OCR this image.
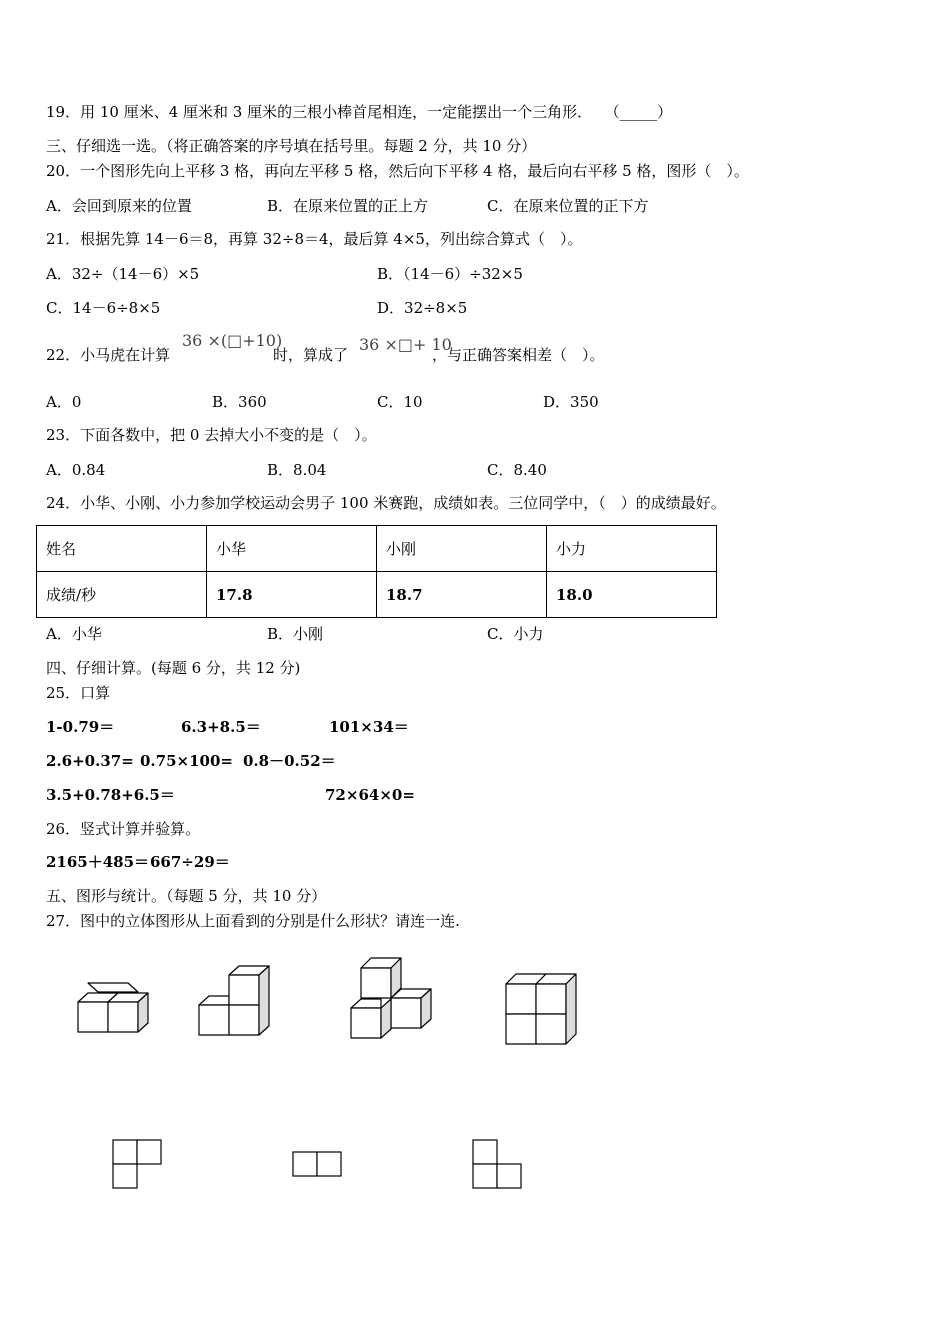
19．用 10 厘米、4 厘米和 3 厘米的三根小棒首尾相连，一定能摆出一个三角形． （_____）
三、仔细选一选。（将正确答案的序号填在括号里。每题 2 分，共 10 分）
20．一个图形先向上平移 3 格，再向左平移 5 格，然后向下平移 4 格，最后向右平移 5 格，图形（　）。
A．会回到原来的位置	B．在原来位置的正上方	C．在原来位置的正下方
21．根据先算 14－6＝8，再算 32÷8＝4，最后算 4×5，列出综合算式（　）。
A．32÷（14－6）×5	B．（14－6）÷32×5
C．14－6÷8×5	D．32÷8×5
22．小马虎在计算
36 ×(□+10)
时，算成了
36 ×□+ 10
，与正确答案相差（　）。
A．0	B．360	C．10	D．350
23．下面各数中，把 0 去掉大小不变的是（　）。
A．0.84	B．8.04	C．8.40
24．小华、小刚、小力参加学校运动会男子 100 米赛跑，成绩如表。三位同学中，（　）的成绩最好。
姓名	小华	小刚	小力
成绩/秒	17.8	18.7	18.0
A．小华	B．小刚	C．小力
四、仔细计算。(每题 6 分，共 12 分)
25．口算
1-0.79＝	6.3+8.5＝	101×34＝
2.6+0.37= 0.75×100= 0.8－0.52＝
3.5+0.78+6.5＝	72×64×0=
26．竖式计算并验算。
2165＋485＝ 667÷29＝
五、图形与统计。（每题 5 分，共 10 分）
27．图中的立体图形从上面看到的分别是什么形状？请连一连.
